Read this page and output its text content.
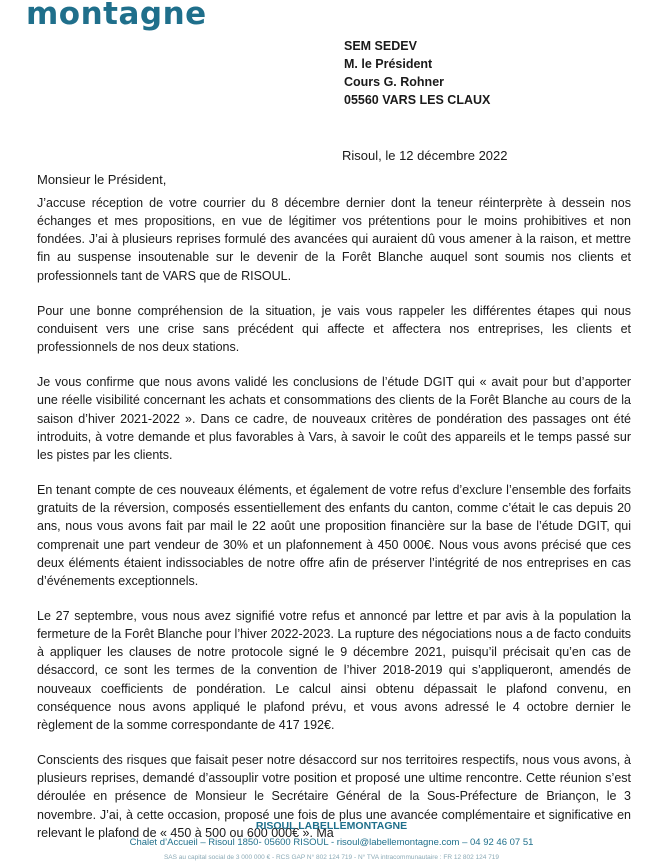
montagne
SEM SEDEV
M. le Président
Cours G. Rohner
05560 VARS LES CLAUX
Risoul, le 12 décembre 2022
Monsieur le Président,

J’accuse réception de votre courrier du 8 décembre dernier dont la teneur réinterprète à dessein nos échanges et mes propositions, en vue de légitimer vos prétentions pour le moins prohibitives et non fondées. J’ai à plusieurs reprises formulé des avancées qui auraient dû vous amener à la raison, et mettre fin au suspense insoutenable sur le devenir de la Forêt Blanche auquel sont soumis nos clients et professionnels tant de VARS que de RISOUL.

Pour une bonne compréhension de la situation, je vais vous rappeler les différentes étapes qui nous conduisent vers une crise sans précédent qui affecte et affectera nos entreprises, les clients et professionnels de nos deux stations.

Je vous confirme que nous avons validé les conclusions de l’étude DGIT qui « avait pour but d’apporter une réelle visibilité concernant les achats et consommations des clients de la Forêt Blanche au cours de la saison d’hiver 2021-2022 ». Dans ce cadre, de nouveaux critères de pondération des passages ont été introduits, à votre demande et plus favorables à Vars, à savoir le coût des appareils et le temps passé sur les pistes par les clients.

En tenant compte de ces nouveaux éléments, et également de votre refus d’exclure l’ensemble des forfaits gratuits de la réversion, composés essentiellement des enfants du canton, comme c’était le cas depuis 20 ans, nous vous avons fait par mail le 22 août une proposition financière sur la base de l’étude DGIT, qui comprenait une part vendeur de 30% et un plafonnement à 450 000€. Nous vous avons précisé que ces deux éléments étaient indissociables de notre offre afin de préserver l’intégrité de nos entreprises en cas d’événements exceptionnels.

Le 27 septembre, vous nous avez signifié votre refus et annoncé par lettre et par avis à la population la fermeture de la Forêt Blanche pour l’hiver 2022-2023. La rupture des négociations nous a de facto conduits à appliquer les clauses de notre protocole signé le 9 décembre 2021, puisqu’il précisait qu’en cas de désaccord, ce sont les termes de la convention de l’hiver 2018-2019 qui s’appliqueront, amendés de nouveaux coefficients de pondération. Le calcul ainsi obtenu dépassait le plafond convenu, en conséquence nous avons appliqué le plafond prévu, et vous avons adressé le 4 octobre dernier le règlement de la somme correspondante de 417 192€.

Conscients des risques que faisait peser notre désaccord sur nos territoires respectifs, nous vous avons, à plusieurs reprises, demandé d’assouplir votre position et proposé une ultime rencontre. Cette réunion s’est déroulée en présence de Monsieur le Secrétaire Général de la Sous-Préfecture de Briançon, le 3 novembre. J’ai, à cette occasion, proposé une fois de plus une avancée complémentaire et significative en relevant le plafond de « 450 à 500 ou 600 000€ ». Ma

RISOUL LABELLEMONTAGNE
Chalet d’Accueil – Risoul 1850- 05600 RISOUL - risoul@labellemontagne.com – 04 92 46 07 51
SAS au capital social de 3 000 000 € - RCS GAP N° 802 124 719 - N° TVA intracommunautaire : FR 12 802 124 719
